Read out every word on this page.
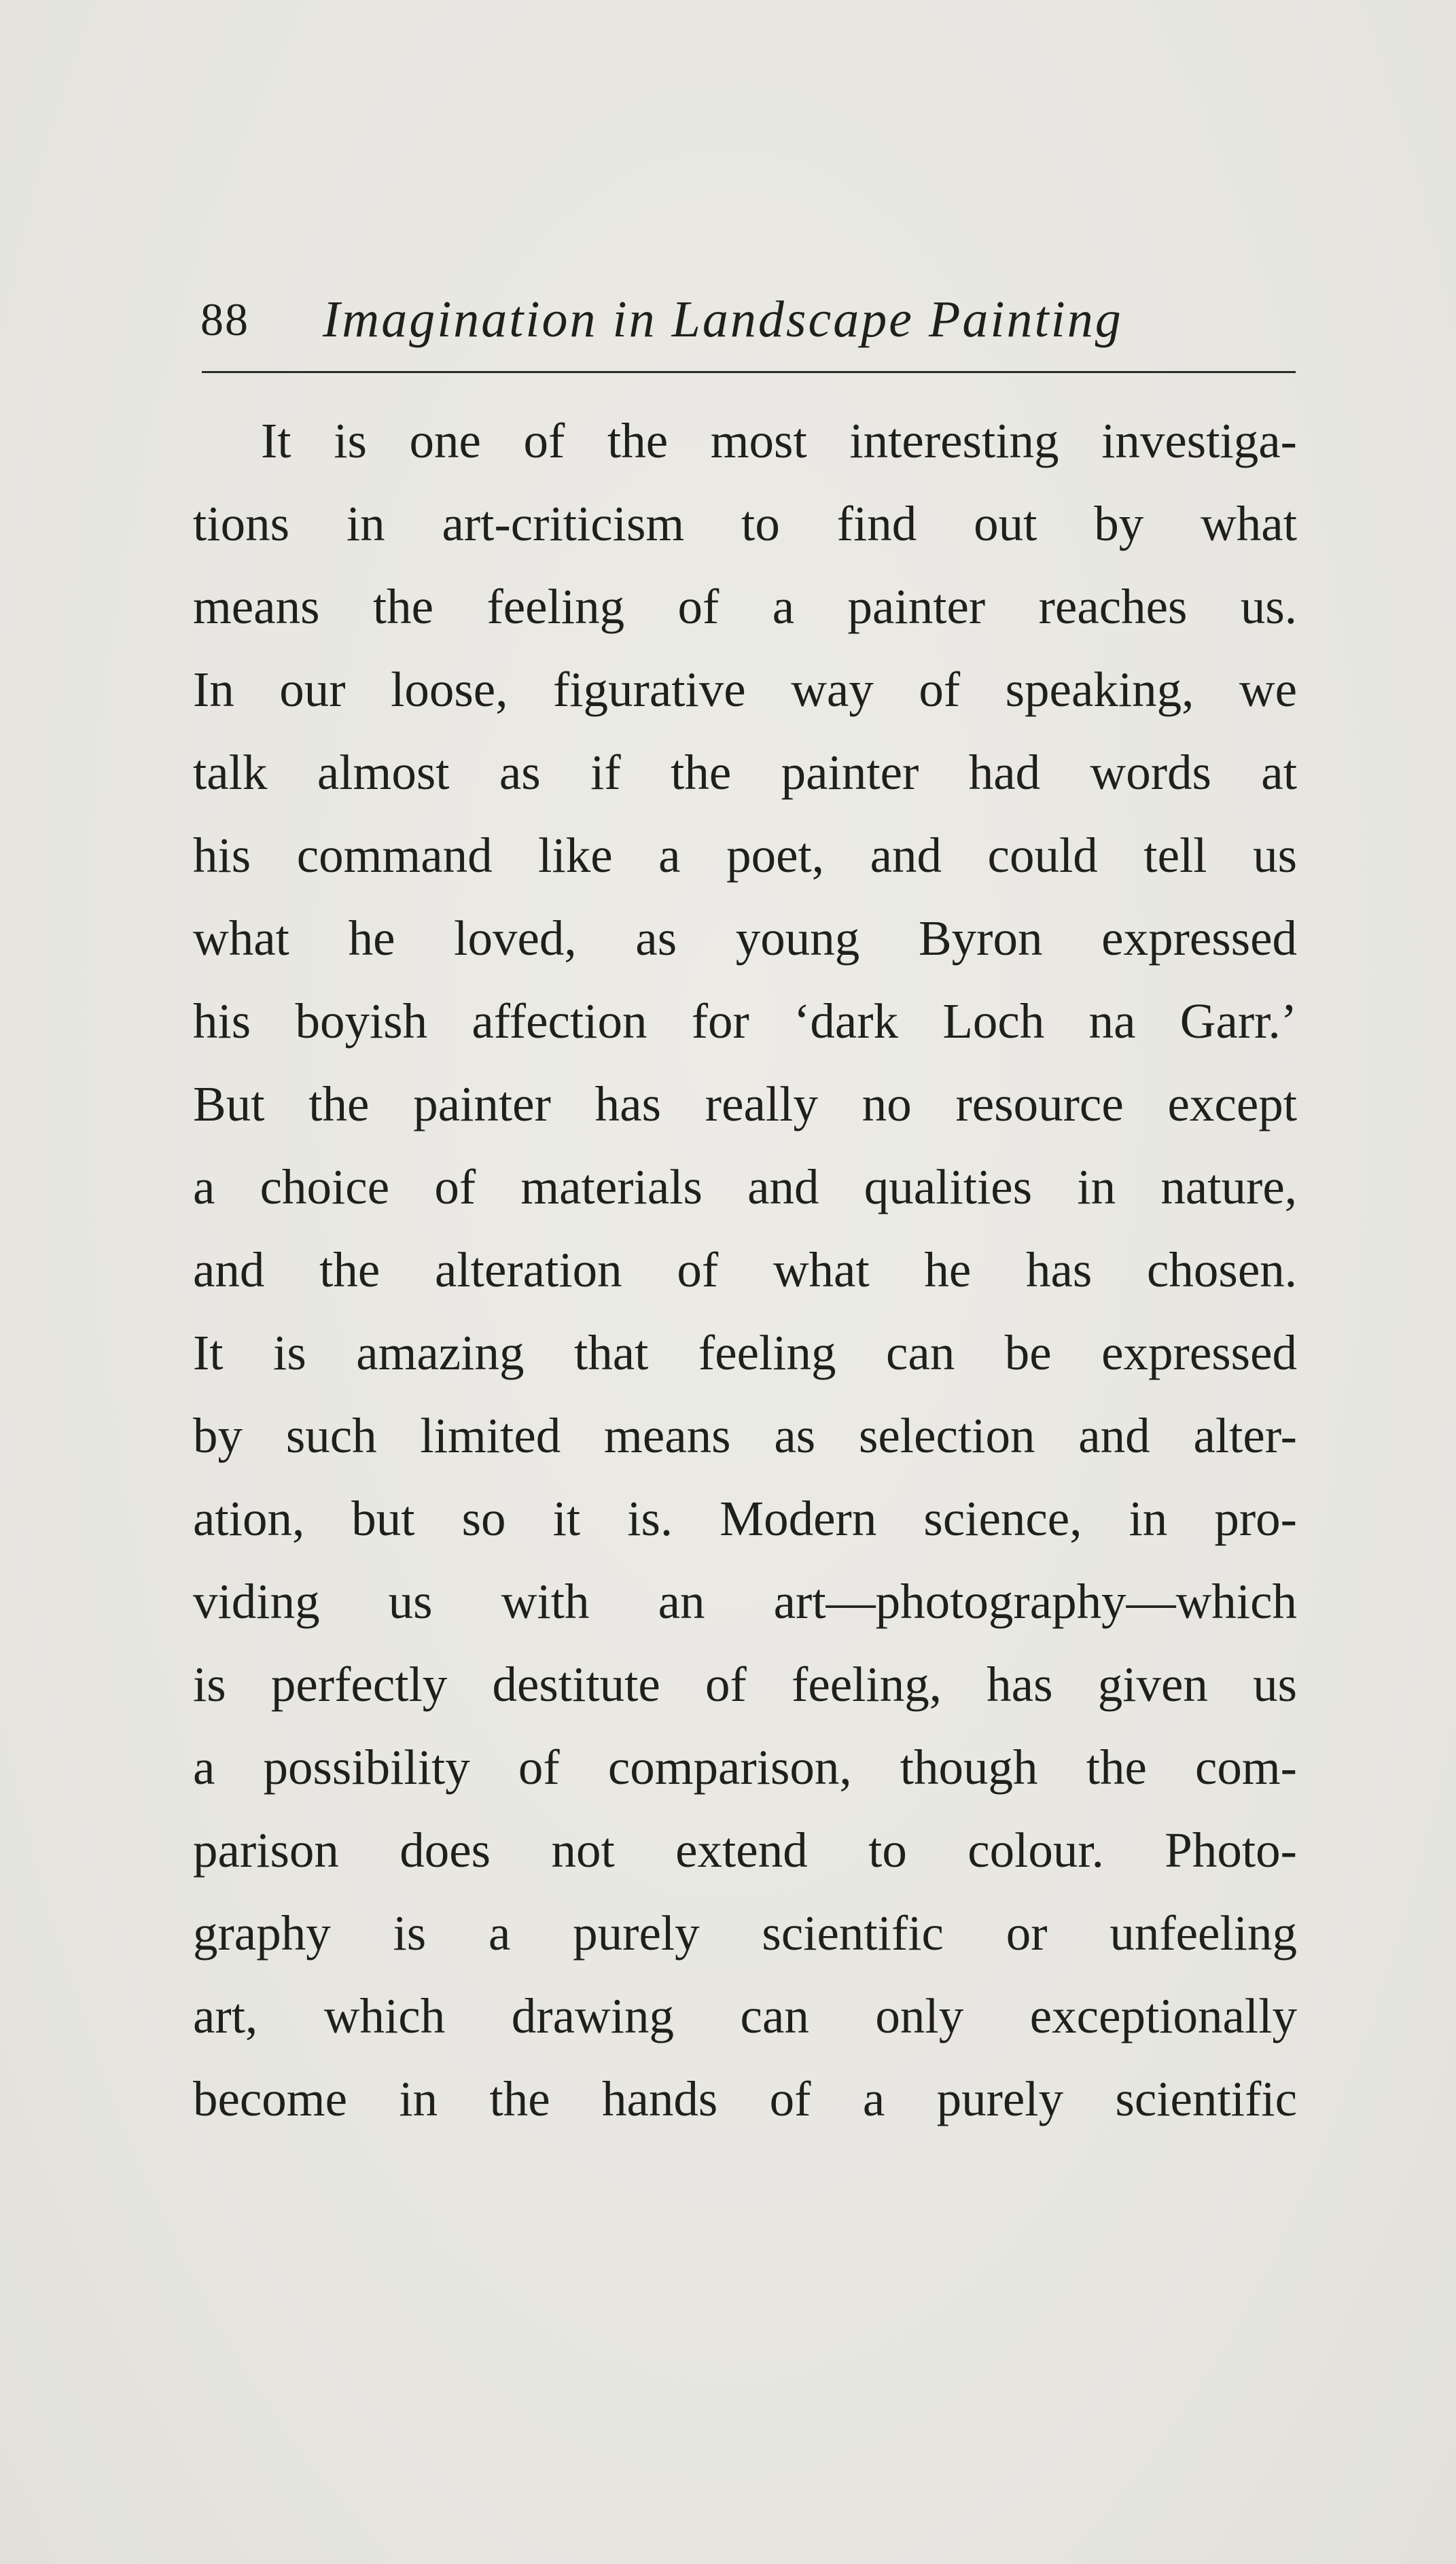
88 Imagination in Landscape Painting
It is one of the most interesting investiga-
tions in art-criticism to find out by what
means the feeling of a painter reaches us.
In our loose, figurative way of speaking, we
talk almost as if the painter had words at
his command like a poet, and could tell us
what he loved, as young Byron expressed
his boyish affection for ‘dark Loch na Garr.’
But the painter has really no resource except
a choice of materials and qualities in nature,
and the alteration of what he has chosen.
It is amazing that feeling can be expressed
by such limited means as selection and alter-
ation, but so it is. Modern science, in pro-
viding us with an art—photography—which
is perfectly destitute of feeling, has given us
a possibility of comparison, though the com-
parison does not extend to colour. Photo-
graphy is a purely scientific or unfeeling
art, which drawing can only exceptionally
become in the hands of a purely scientific
